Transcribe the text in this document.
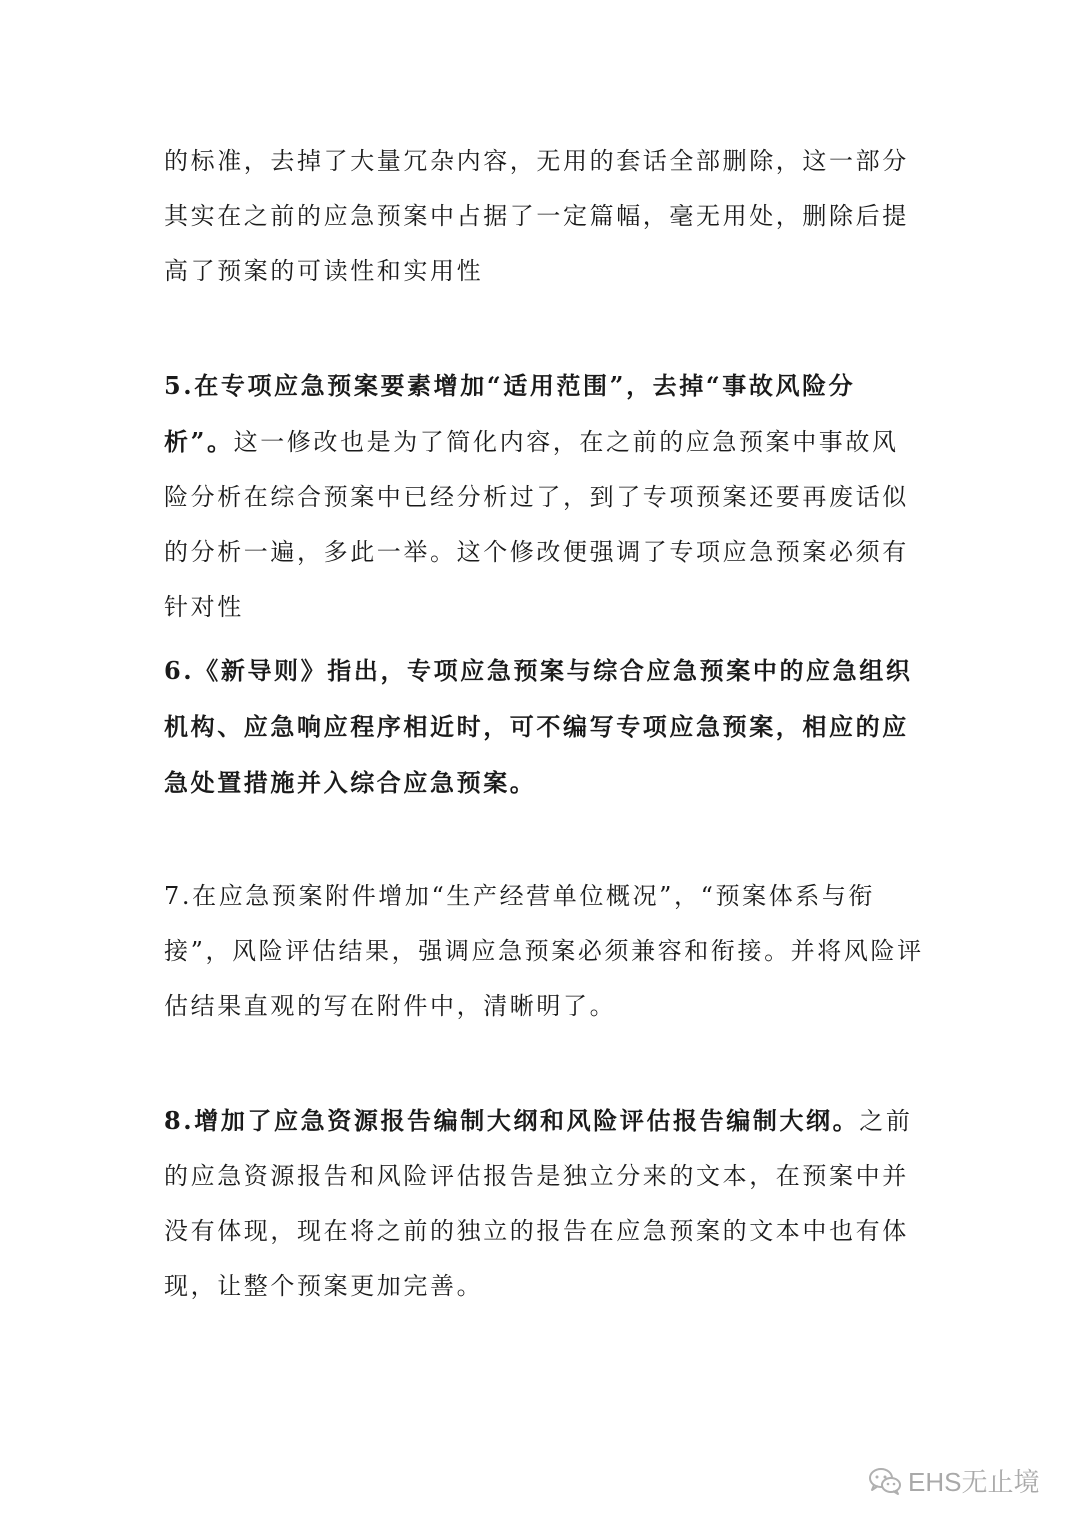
的标准，去掉了大量冗杂内容，无用的套话全部删除，这一部分其实在之前的应急预案中占据了一定篇幅，毫无用处，删除后提高了预案的可读性和实用性

5.在专项应急预案要素增加“适用范围”，去掉“事故风险分析”。这一修改也是为了简化内容，在之前的应急预案中事故风险分析在综合预案中已经分析过了，到了专项预案还要再废话似的分析一遍，多此一举。这个修改便强调了专项应急预案必须有针对性

6.《新导则》指出，专项应急预案与综合应急预案中的应急组织机构、应急响应程序相近时，可不编写专项应急预案，相应的应急处置措施并入综合应急预案。

7.在应急预案附件增加“生产经营单位概况”，“预案体系与衔接”，风险评估结果，强调应急预案必须兼容和衔接。并将风险评估结果直观的写在附件中，清晰明了。

8.增加了应急资源报告编制大纲和风险评估报告编制大纲。之前的应急资源报告和风险评估报告是独立分来的文本，在预案中并没有体现，现在将之前的独立的报告在应急预案的文本中也有体现，让整个预案更加完善。

EHS无止境
